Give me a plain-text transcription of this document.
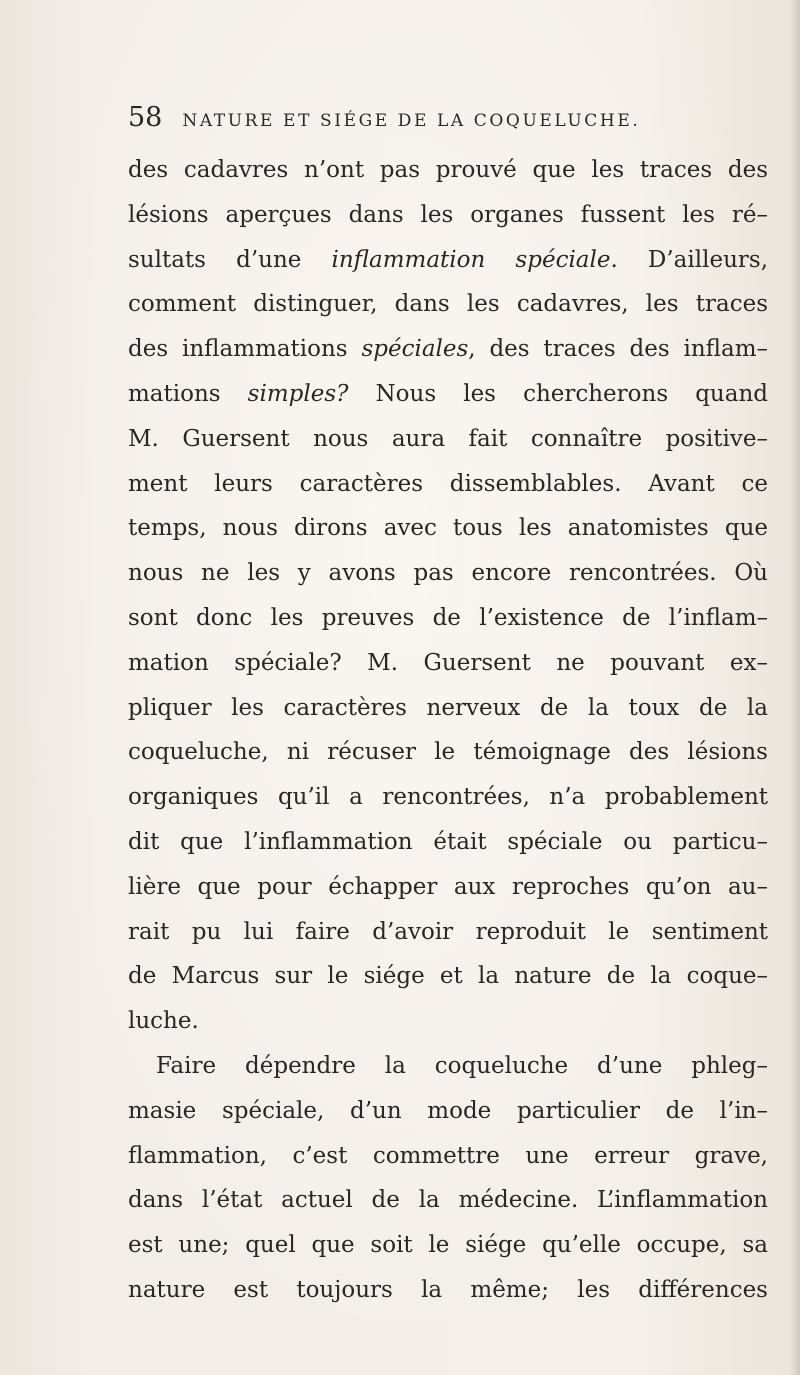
58 NATURE ET SIÉGE DE LA COQUELUCHE.
des cadavres n’ont pas prouvé que les traces des
lésions aperçues dans les organes fussent les ré–
sultats d’une inflammation spéciale. D’ailleurs,
comment distinguer, dans les cadavres, les traces
des inflammations spéciales, des traces des inflam–
mations simples? Nous les chercherons quand
M. Guersent nous aura fait connaître positive–
ment leurs caractères dissemblables. Avant ce
temps, nous dirons avec tous les anatomistes que
nous ne les y avons pas encore rencontrées. Où
sont donc les preuves de l’existence de l’inflam–
mation spéciale? M. Guersent ne pouvant ex–
pliquer les caractères nerveux de la toux de la
coqueluche, ni récuser le témoignage des lésions
organiques qu’il a rencontrées, n’a probablement
dit que l’inflammation était spéciale ou particu–
lière que pour échapper aux reproches qu’on au–
rait pu lui faire d’avoir reproduit le sentiment
de Marcus sur le siége et la nature de la coque–
luche.
Faire dépendre la coqueluche d’une phleg–
masie spéciale, d’un mode particulier de l’in–
flammation, c’est commettre une erreur grave,
dans l’état actuel de la médecine. L’inflammation
est une; quel que soit le siége qu’elle occupe, sa
nature est toujours la même; les différences
